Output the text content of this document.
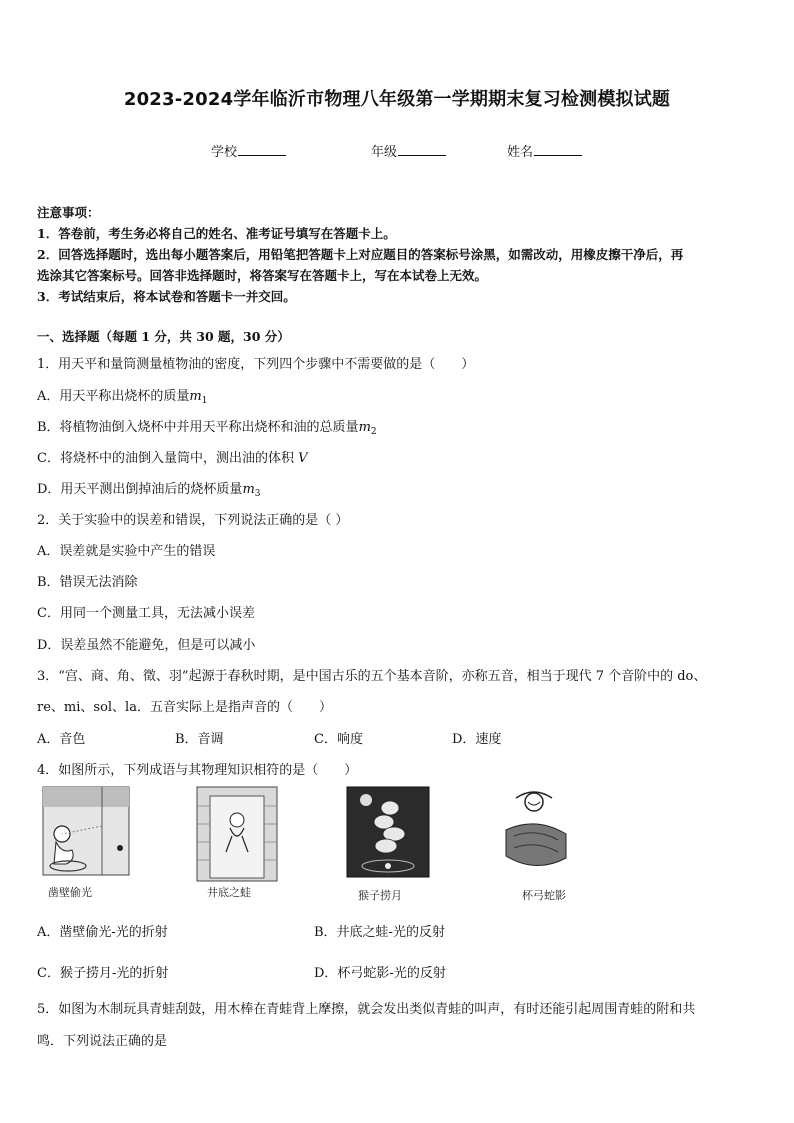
2023-2024学年临沂市物理八年级第一学期期末复习检测模拟试题
学校	年级	姓名

注意事项：

1．答卷前，考生务必将自己的姓名、准考证号填写在答题卡上。

2．回答选择题时，选出每小题答案后，用铅笔把答题卡上对应题目的答案标号涂黑，如需改动，用橡皮擦干净后，再

选涂其它答案标号。回答非选择题时，将答案写在答题卡上，写在本试卷上无效。

3．考试结束后，将本试卷和答题卡一并交回。

一、选择题（每题 1 分，共 30 题，30 分）
1．用天平和量筒测量植物油的密度，下列四个步骤中不需要做的是（　　）
A．用天平称出烧杯的质量$m_1$
B．将植物油倒入烧杯中并用天平称出烧杯和油的总质量$m_2$
C．将烧杯中的油倒入量筒中，测出油的体积 V
D．用天平测出倒掉油后的烧杯质量$m_3$
2．关于实验中的误差和错误，下列说法正确的是（ ）
A．误差就是实验中产生的错误
B．错误无法消除
C．用同一个测量工具，无法减小误差
D．误差虽然不能避免，但是可以减小
3．“宫、商、角、徵、羽”起源于春秋时期，是中国古乐的五个基本音阶，亦称五音，相当于现代 7 个音阶中的 do、
re、mi、sol、la．五音实际上是指声音的（　　）
A．音色	B．音调	C．响度	D．速度
4．如图所示，下列成语与其物理知识相符的是（　　）
凿壁偷光	井底之蛙	猴子捞月	杯弓蛇影
A．凿壁偷光-光的折射	B．井底之蛙-光的反射
C．猴子捞月-光的折射	D．杯弓蛇影-光的反射
5．如图为木制玩具青蛙刮鼓，用木棒在青蛙背上摩擦，就会发出类似青蛙的叫声，有时还能引起周围青蛙的附和共
鸣．下列说法正确的是
